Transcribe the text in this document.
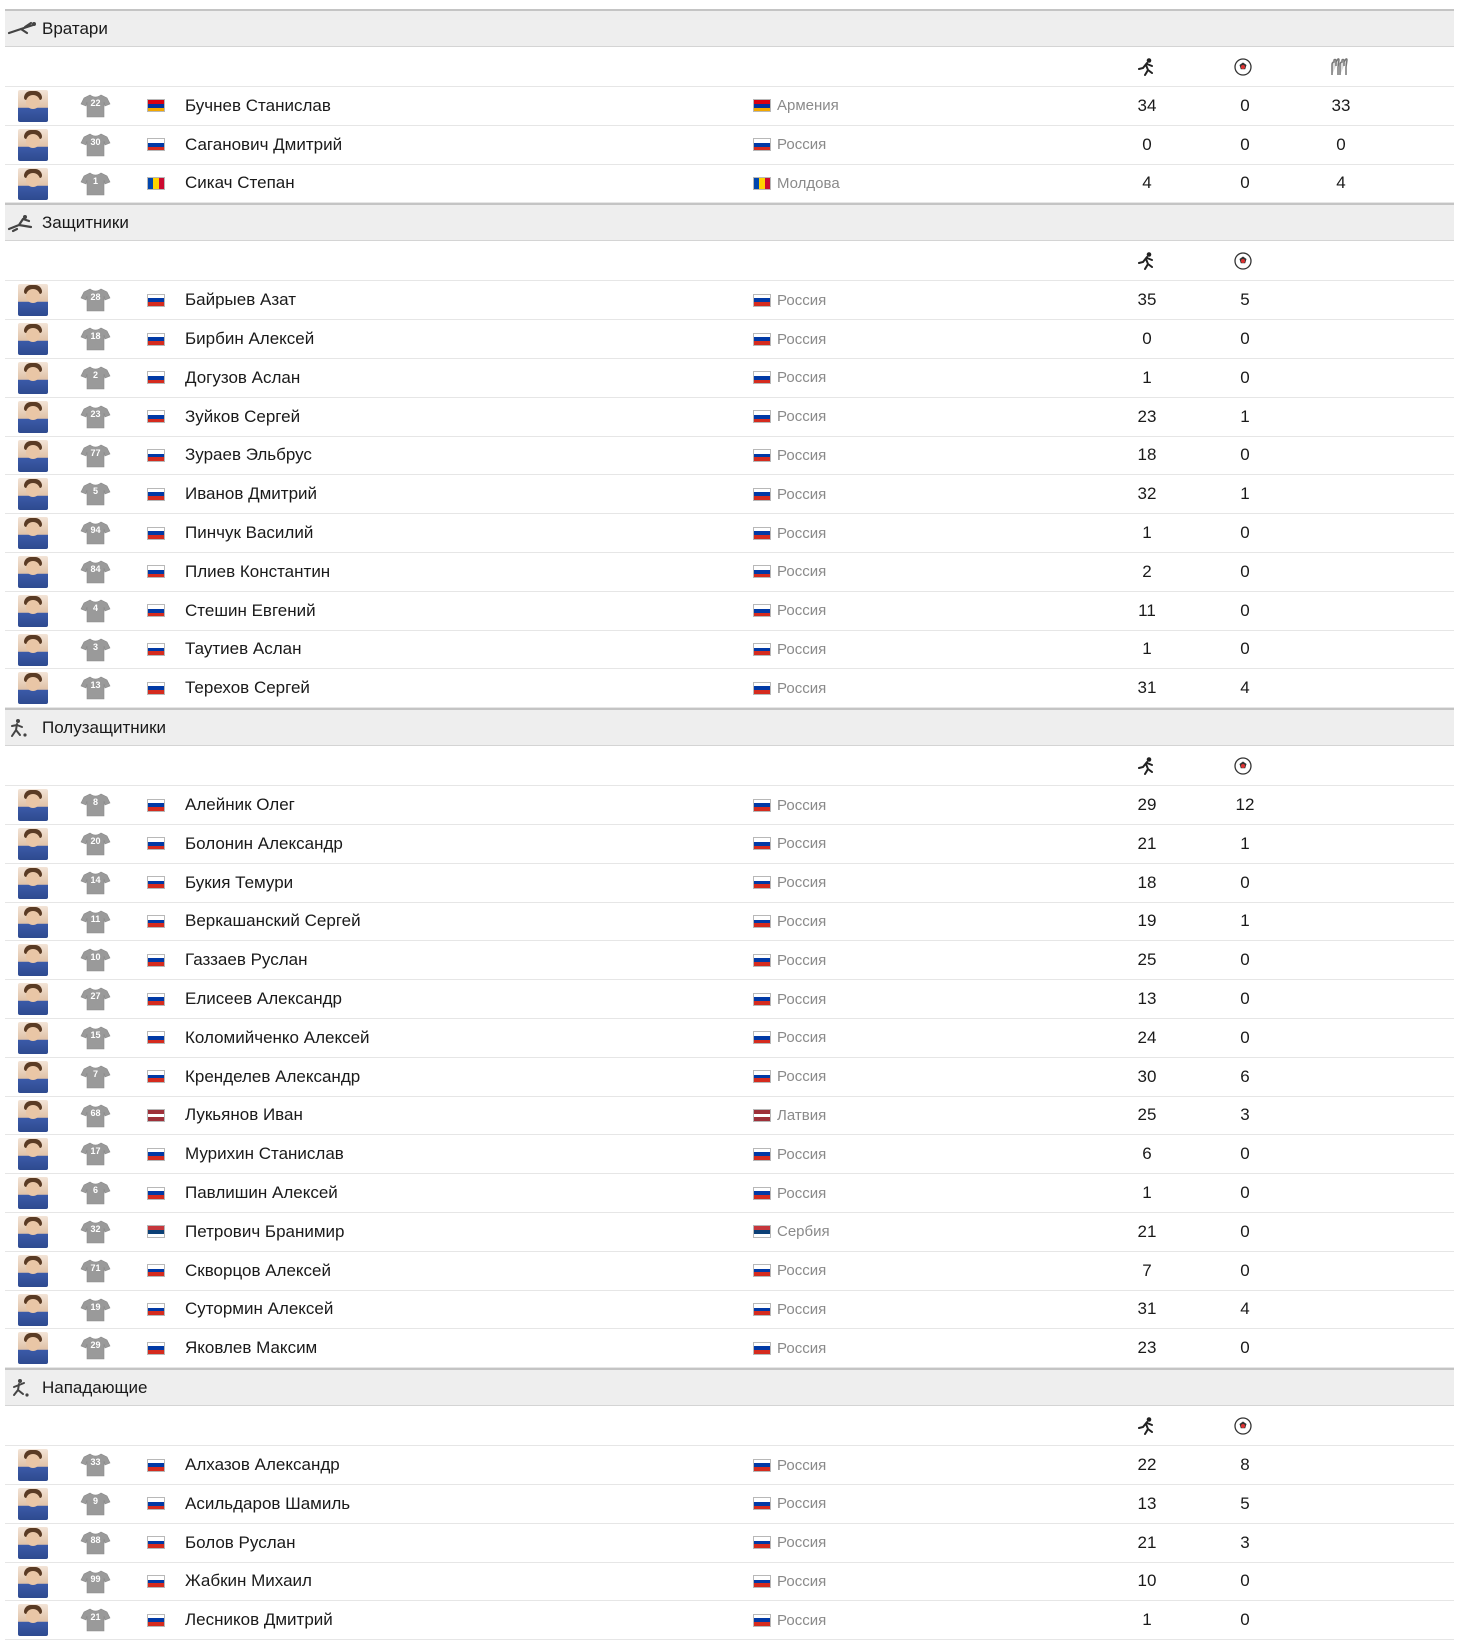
Вратари
22	Бучнев Станислав	Армения	34	0	33
30	Саганович Дмитрий	Россия	0	0	0
1	Сикач Степан	Молдова	4	0	4
Защитники
28	Байрыев Азат	Россия	35	5
18	Бирбин Алексей	Россия	0	0
2	Догузов Аслан	Россия	1	0
23	Зуйков Сергей	Россия	23	1
77	Зураев Эльбрус	Россия	18	0
5	Иванов Дмитрий	Россия	32	1
94	Пинчук Василий	Россия	1	0
84	Плиев Константин	Россия	2	0
4	Стешин Евгений	Россия	11	0
3	Таутиев Аслан	Россия	1	0
13	Терехов Сергей	Россия	31	4
Полузащитники
8	Алейник Олег	Россия	29	12
20	Болонин Александр	Россия	21	1
14	Букия Темури	Россия	18	0
11	Веркашанский Сергей	Россия	19	1
10	Газзаев Руслан	Россия	25	0
27	Елисеев Александр	Россия	13	0
15	Коломийченко Алексей	Россия	24	0
7	Кренделев Александр	Россия	30	6
68	Лукьянов Иван	Латвия	25	3
17	Мурихин Станислав	Россия	6	0
6	Павлишин Алексей	Россия	1	0
32	Петрович Бранимир	Сербия	21	0
71	Скворцов Алексей	Россия	7	0
19	Сутормин Алексей	Россия	31	4
29	Яковлев Максим	Россия	23	0
Нападающие
33	Алхазов Александр	Россия	22	8
9	Асильдаров Шамиль	Россия	13	5
88	Болов Руслан	Россия	21	3
99	Жабкин Михаил	Россия	10	0
21	Лесников Дмитрий	Россия	1	0
